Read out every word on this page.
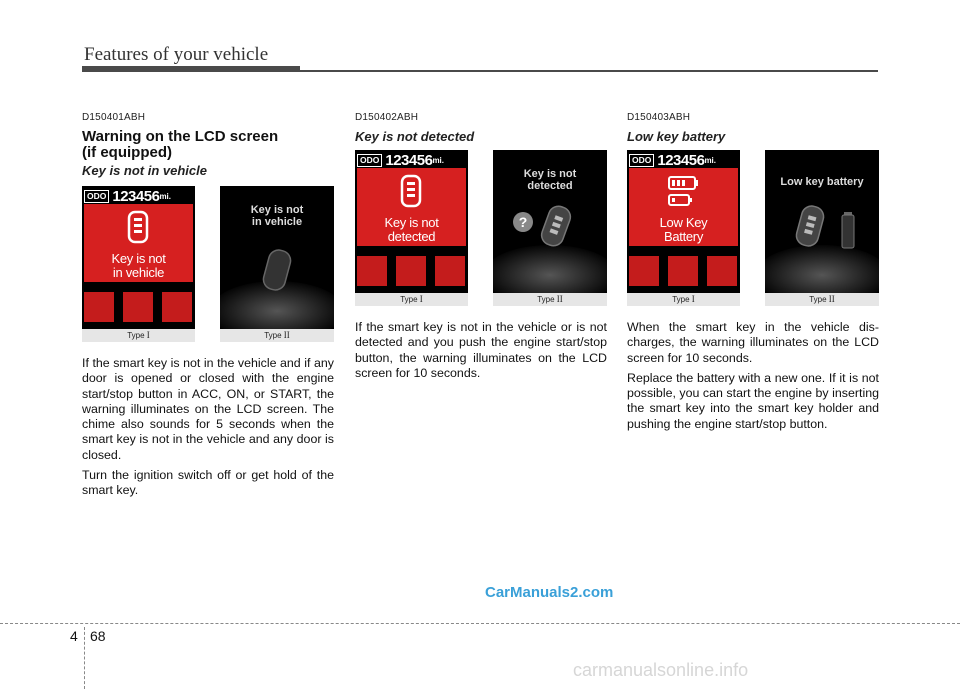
Features of your vehicle
D150401ABH
Warning on the LCD screen
(if equipped)
Key is not in vehicle
ODO 123456 mi.
Key is not
in vehicle
Key is not
in vehicle
Type I	Type II

If the smart key is not in the vehicle and if any door is opened or closed with the engine start/stop button in ACC, ON, or START, the warning illuminates on the LCD screen. The chime also sounds for 5 seconds when the smart key is not in the vehicle and any door is closed.

Turn the ignition switch off or get hold of the smart key.

D150402ABH
Key is not detected
ODO 123456 mi.
Key is not
detected
Key is not
detected
?
Type I	Type II

If the smart key is not in the vehicle or is not detected and you push the engine start/stop button, the warning illuminates on the LCD screen for 10 seconds.

D150403ABH
Low key battery
ODO 123456 mi.
Low Key
Battery
Low key battery
Type I	Type II

When the smart key in the vehicle dis-charges, the warning illuminates on the LCD screen for 10 seconds.

Replace the battery with a new one. If it is not possible, you can start the engine by inserting the smart key into the smart key holder and pushing the engine start/stop button.

CarManuals2.com
4 68
carmanualsonline.info
